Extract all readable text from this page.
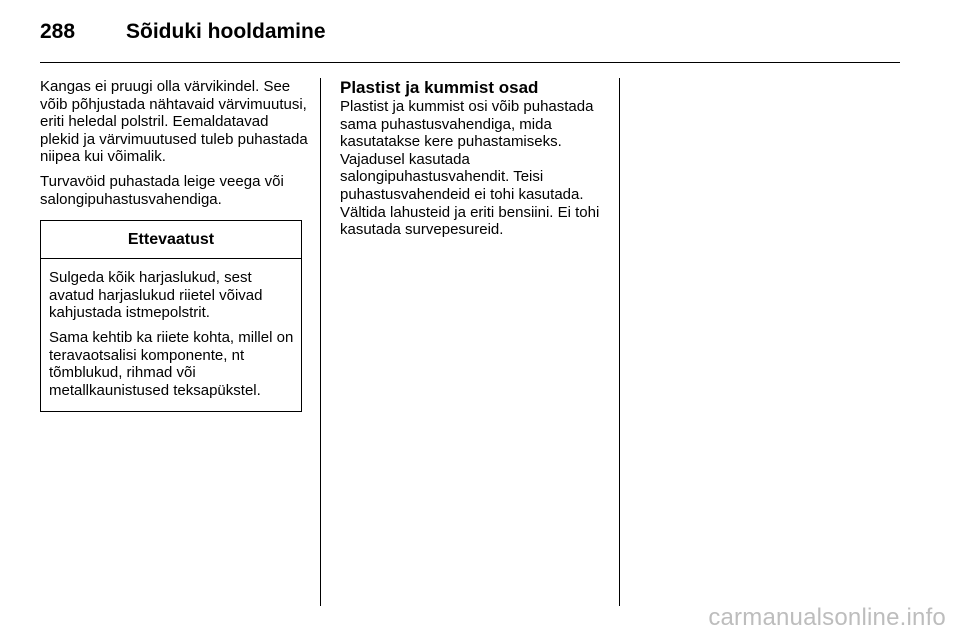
288 Sõiduki hooldamine

Kangas ei pruugi olla värvikindel. See võib põhjustada nähtavaid värvimuutusi, eriti heledal polstril. Eemaldatavad plekid ja värvimuutused tuleb puhastada niipea kui võimalik.

Turvavöid puhastada leige veega või salongipuhastusvahendiga.

Ettevaatust

Sulgeda kõik harjaslukud, sest avatud harjaslukud riietel võivad kahjustada istmepolstrit.

Sama kehtib ka riiete kohta, millel on teravaotsalisi komponente, nt tõmblukud, rihmad või metallkaunistused teksapükstel.

Plastist ja kummist osad

Plastist ja kummist osi võib puhastada sama puhastusvahendiga, mida kasutatakse kere puhastamiseks. Vajadusel kasutada salongipuhastusvahendit. Teisi puhastusvahendeid ei tohi kasutada. Vältida lahusteid ja eriti bensiini. Ei tohi kasutada survepesureid.

carmanualsonline.info
